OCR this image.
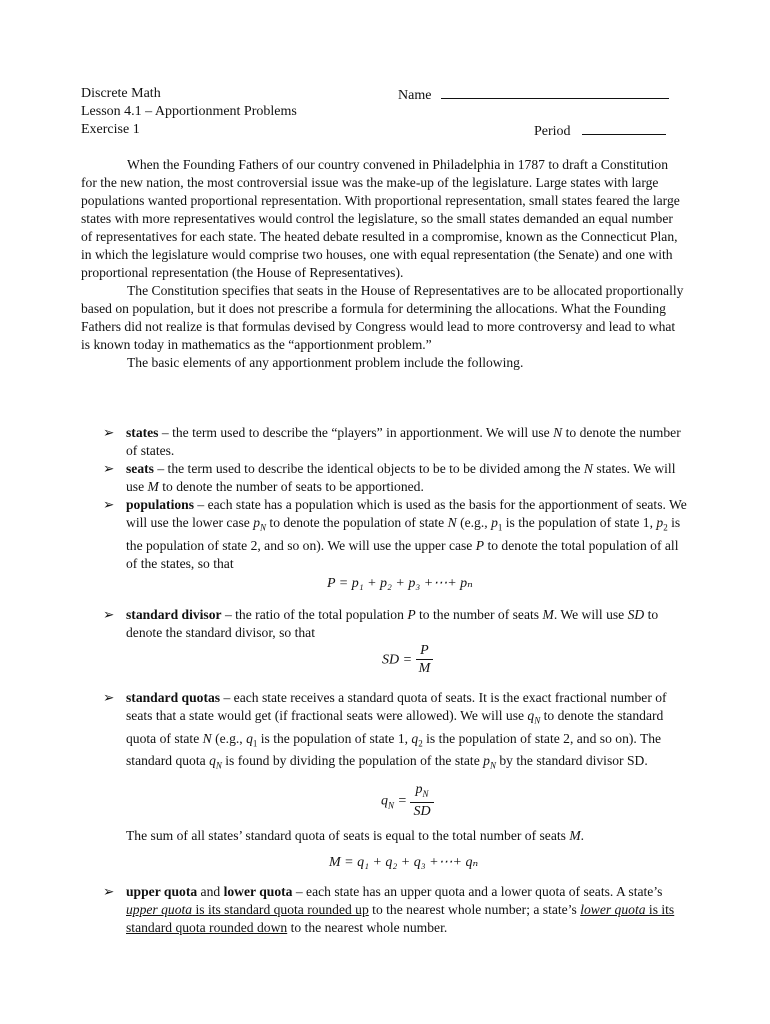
Discrete Math
Lesson 4.1 – Apportionment Problems
Exercise 1
Name
Period

When the Founding Fathers of our country convened in Philadelphia in 1787 to draft a Constitution for the new nation, the most controversial issue was the make-up of the legislature. Large states with large populations wanted proportional representation. With proportional representation, small states feared the large states with more representatives would control the legislature, so the small states demanded an equal number of representatives for each state. The heated debate resulted in a compromise, known as the Connecticut Plan, in which the legislature would comprise two houses, one with equal representation (the Senate) and one with proportional representation (the House of Representatives).

The Constitution specifies that seats in the House of Representatives are to be allocated proportionally based on population, but it does not prescribe a formula for determining the allocations. What the Founding Fathers did not realize is that formulas devised by Congress would lead to more controversy and lead to what is known today in mathematics as the “apportionment problem.”

The basic elements of any apportionment problem include the following.

➢ states – the term used to describe the “players” in apportionment. We will use N to denote the number of states.
➢ seats – the term used to describe the identical objects to be to be divided among the N states. We will use M to denote the number of seats to be apportioned.
➢ populations – each state has a population which is used as the basis for the apportionment of seats. We will use the lower case $p_N$ to denote the population of state N (e.g., $p_1$ is the population of state 1, $p_2$ is the population of state 2, and so on). We will use the upper case P to denote the total population of all of the states, so that
P = p₁ + p₂ + p₃ +⋯+ pₙ
➢ standard divisor – the ratio of the total population P to the number of seats M. We will use SD to denote the standard divisor, so that
SD = $\frac{P}{M}$
➢ standard quotas – each state receives a standard quota of seats. It is the exact fractional number of seats that a state would get (if fractional seats were allowed). We will use $q_N$ to denote the standard quota of state N (e.g., $q_1$ is the population of state 1, $q_2$ is the population of state 2, and so on). The standard quota $q_N$ is found by dividing the population of the state $p_N$ by the standard divisor SD.
$q_N = \frac{p_N}{SD}$
The sum of all states’ standard quota of seats is equal to the total number of seats M.
M = q₁ + q₂ + q₃ +⋯+ qₙ
➢ upper quota and lower quota – each state has an upper quota and a lower quota of seats. A state’s upper quota is its standard quota rounded up to the nearest whole number; a state’s lower quota is its standard quota rounded down to the nearest whole number.
